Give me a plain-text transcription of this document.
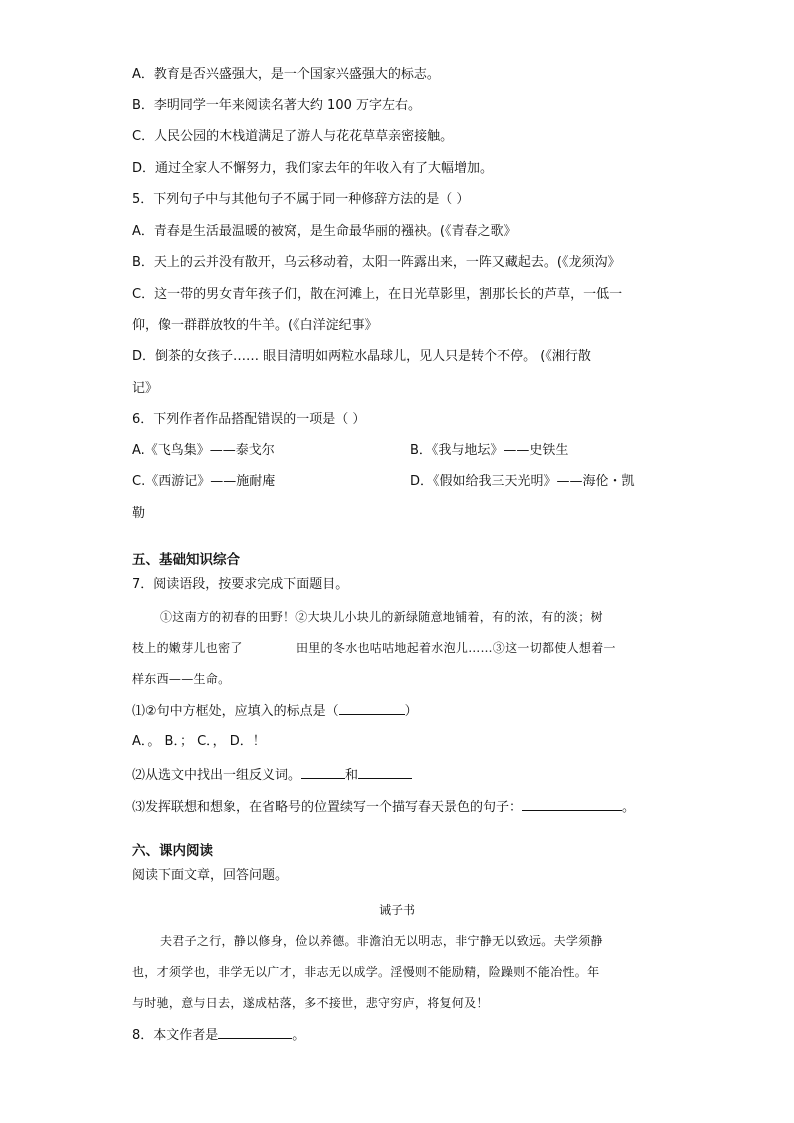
A．教育是否兴盛强大，是一个国家兴盛强大的标志。
B．李明同学一年来阅读名著大约 100 万字左右。
C．人民公园的木栈道满足了游人与花花草草亲密接触。
D．通过全家人不懈努力，我们家去年的年收入有了大幅增加。
5．下列句子中与其他句子不属于同一种修辞方法的是（ ）
A．青春是生活最温暖的被窝，是生命最华丽的襁袂。(《青春之歌》
B．天上的云并没有散开，乌云移动着，太阳一阵露出来，一阵又藏起去。(《龙须沟》
C．这一带的男女青年孩子们，散在河滩上，在日光草影里，割那长长的芦草，一低一
仰，像一群群放牧的牛羊。(《白洋淀纪事》
D．倒茶的女孩子…… 眼目清明如两粒水晶球儿，见人只是转个不停。 (《湘行散
记》
6．下列作者作品搭配错误的一项是（ ）
A.《飞鸟集》——泰戈尔	B．《我与地坛》——史铁生
C.《西游记》——施耐庵	D．《假如给我三天光明》——海伦・凯
勒
五、基础知识综合
7．阅读语段，按要求完成下面题目。
①这南方的初春的田野！②大块儿小块儿的新绿随意地铺着，有的浓，有的淡；树
枝上的嫩芽儿也密了	田里的冬水也咕咕地起着水泡儿……③这一切都使人想着一
样东西——生命。
⑴②句中方框处，应填入的标点是（	）
A．。 B．； C．， D．！
⑵从选文中找出一组反义词。	和
⑶发挥联想和想象，在省略号的位置续写一个描写春天景色的句子：	。
六、课内阅读
阅读下面文章，回答问题。
诫子书
夫君子之行，静以修身，俭以养德。非澹泊无以明志，非宁静无以致远。夫学须静
也，才须学也，非学无以广才，非志无以成学。淫慢则不能励精，险躁则不能冶性。年
与时驰，意与日去，遂成枯落，多不接世，悲守穷庐，将复何及！
8．本文作者是	。
